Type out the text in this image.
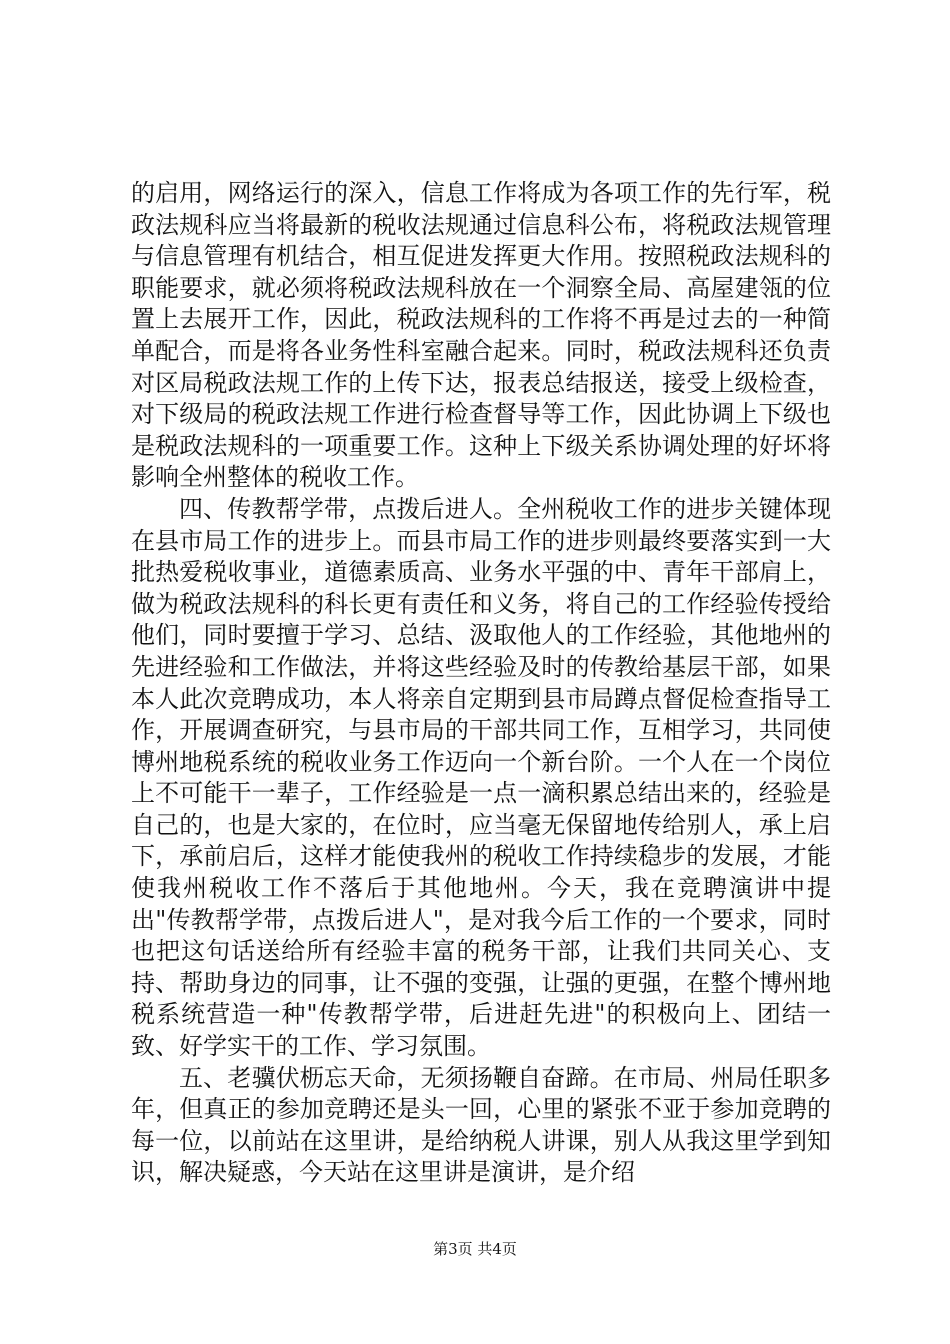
的启用，网络运行的深入，信息工作将成为各项工作的先行军，税政法规科应当将最新的税收法规通过信息科公布，将税政法规管理与信息管理有机结合，相互促进发挥更大作用。按照税政法规科的职能要求，就必须将税政法规科放在一个洞察全局、高屋建瓴的位置上去展开工作，因此，税政法规科的工作将不再是过去的一种简单配合，而是将各业务性科室融合起来。同时，税政法规科还负责对区局税政法规工作的上传下达，报表总结报送，接受上级检查，对下级局的税政法规工作进行检查督导等工作，因此协调上下级也是税政法规科的一项重要工作。这种上下级关系协调处理的好坏将影响全州整体的税收工作。

四、传教帮学带，点拨后进人。全州税收工作的进步关键体现在县市局工作的进步上。而县市局工作的进步则最终要落实到一大批热爱税收事业，道德素质高、业务水平强的中、青年干部肩上，做为税政法规科的科长更有责任和义务，将自己的工作经验传授给他们，同时要擅于学习、总结、汲取他人的工作经验，其他地州的先进经验和工作做法，并将这些经验及时的传教给基层干部，如果本人此次竞聘成功，本人将亲自定期到县市局蹲点督促检查指导工作，开展调查研究，与县市局的干部共同工作，互相学习，共同使博州地税系统的税收业务工作迈向一个新台阶。一个人在一个岗位上不可能干一辈子，工作经验是一点一滴积累总结出来的，经验是自己的，也是大家的，在位时，应当毫无保留地传给别人，承上启下，承前启后，这样才能使我州的税收工作持续稳步的发展，才能使我州税收工作不落后于其他地州。今天，我在竞聘演讲中提出"传教帮学带，点拨后进人"，是对我今后工作的一个要求，同时也把这句话送给所有经验丰富的税务干部，让我们共同关心、支持、帮助身边的同事，让不强的变强，让强的更强，在整个博州地税系统营造一种"传教帮学带，后进赶先进"的积极向上、团结一致、好学实干的工作、学习氛围。

五、老骥伏枥忘天命，无须扬鞭自奋蹄。在市局、州局任职多年，但真正的参加竞聘还是头一回，心里的紧张不亚于参加竞聘的每一位，以前站在这里讲，是给纳税人讲课，别人从我这里学到知识，解决疑惑，今天站在这里讲是演讲，是介绍

第3页 共4页
